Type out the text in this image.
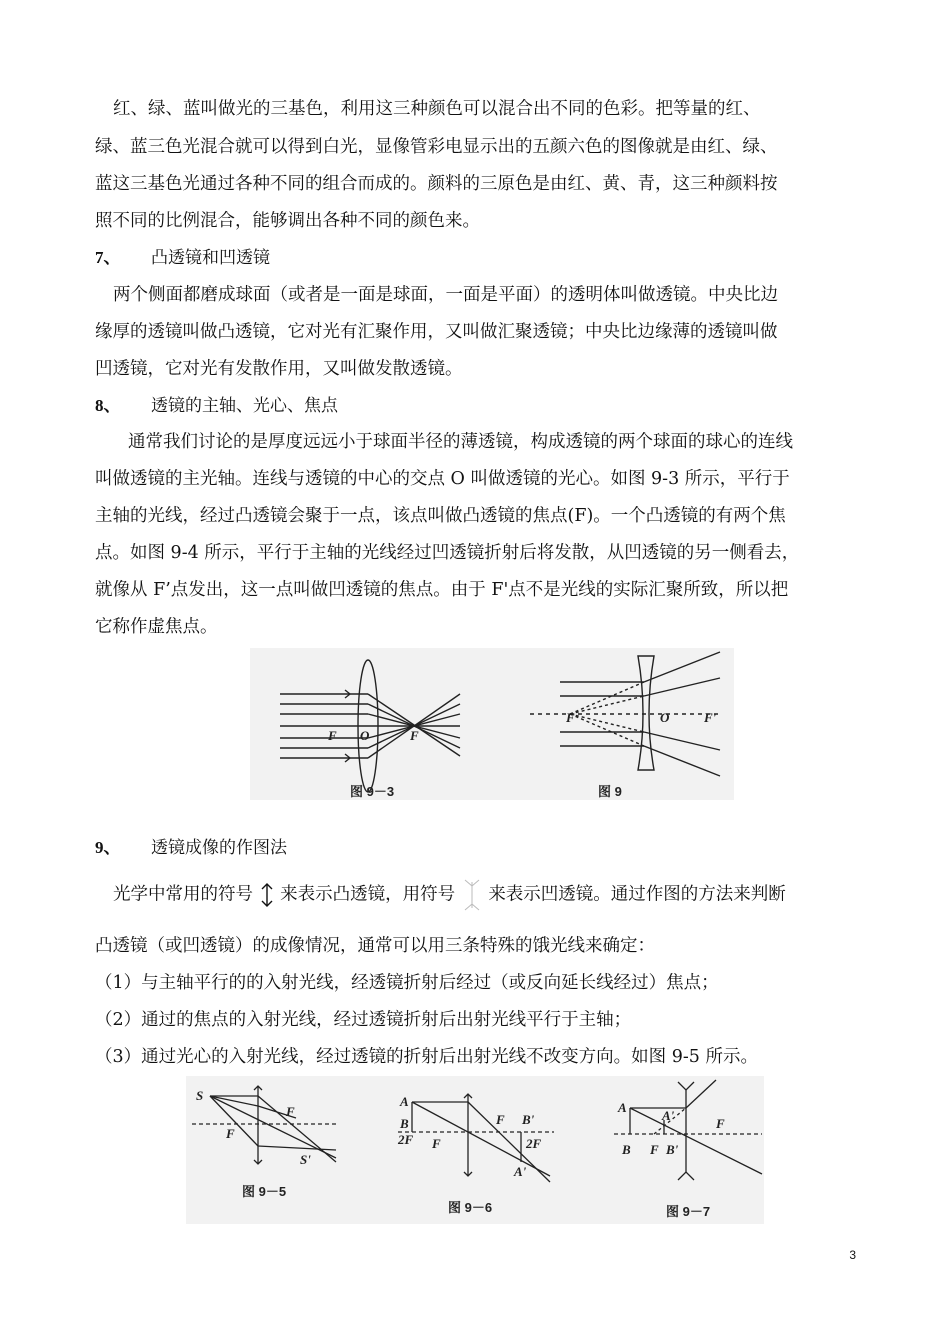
红、绿、蓝叫做光的三基色，利用这三种颜色可以混合出不同的色彩。把等量的红、
绿、蓝三色光混合就可以得到白光，显像管彩电显示出的五颜六色的图像就是由红、绿、
蓝这三基色光通过各种不同的组合而成的。颜料的三原色是由红、黄、青，这三种颜料按
照不同的比例混合，能够调出各种不同的颜色来。
7、 凸透镜和凹透镜
两个侧面都磨成球面（或者是一面是球面，一面是平面）的透明体叫做透镜。中央比边
缘厚的透镜叫做凸透镜，它对光有汇聚作用，又叫做汇聚透镜；中央比边缘薄的透镜叫做
凹透镜，它对光有发散作用，又叫做发散透镜。
8、 透镜的主轴、光心、焦点
通常我们讨论的是厚度远远小于球面半径的薄透镜，构成透镜的两个球面的球心的连线
叫做透镜的主光轴。连线与透镜的中心的交点 O 叫做透镜的光心。如图 9-3 所示，平行于
主轴的光线，经过凸透镜会聚于一点，该点叫做凸透镜的焦点(F)。一个凸透镜的有两个焦
点。如图 9-4 所示，平行于主轴的光线经过凹透镜折射后将发散，从凹透镜的另一侧看去，
就像从 F’点发出，这一点叫做凹透镜的焦点。由于 F'点不是光线的实际汇聚所致，所以把
它称作虚焦点。
F O	F
图 9－3
F	O	F'
图 9
9、 透镜成像的作图法
光学中常用的符号 来表示凸透镜，用符号 来表示凹透镜。通过作图的方法来判断
凸透镜（或凹透镜）的成像情况，通常可以用三条特殊的饿光线来确定：
（1）与主轴平行的的入射光线，经透镜折射后经过（或反向延长线经过）焦点；
（2）通过的焦点的入射光线，经过透镜折射后出射光线平行于主轴；
（3）通过光心的入射光线，经过透镜的折射后出射光线不改变方向。如图 9-5 所示。
S
F
F
S'
图 9－5
A
B
2F F
F B'
2F
A'
图 9－6
A
A'
B F B'
F
图 9－7
3
